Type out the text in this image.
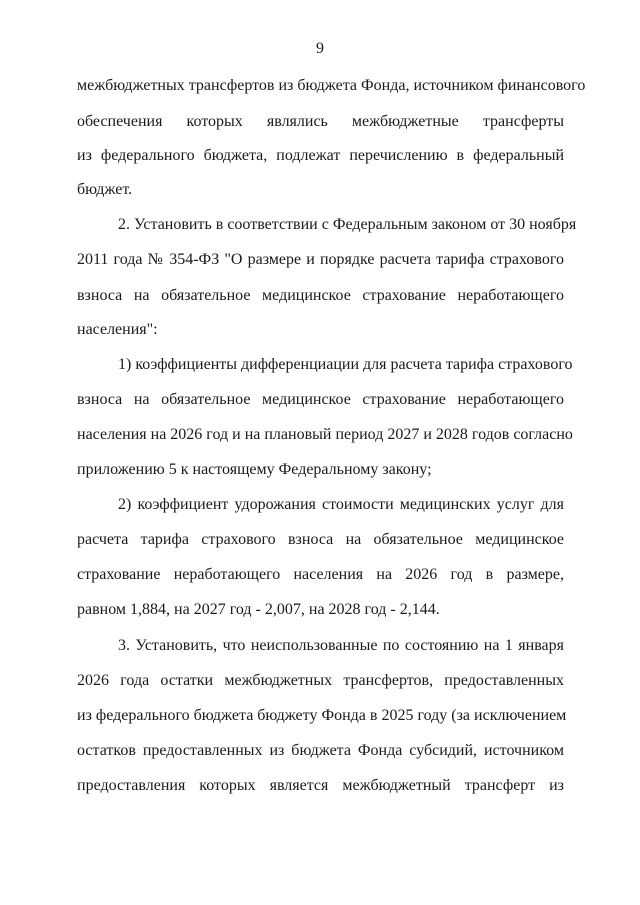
9
межбюджетных трансфертов из бюджета Фонда, источником финансового
обеспечения которых являлись межбюджетные трансферты
из федерального бюджета, подлежат перечислению в федеральный
бюджет.
2. Установить в соответствии с Федеральным законом от 30 ноября
2011 года № 354-ФЗ "О размере и порядке расчета тарифа страхового
взноса на обязательное медицинское страхование неработающего
населения":
1) коэффициенты дифференциации для расчета тарифа страхового
взноса на обязательное медицинское страхование неработающего
населения на 2026 год и на плановый период 2027 и 2028 годов согласно
приложению 5 к настоящему Федеральному закону;
2) коэффициент удорожания стоимости медицинских услуг для
расчета тарифа страхового взноса на обязательное медицинское
страхование неработающего населения на 2026 год в размере,
равном 1,884, на 2027 год - 2,007, на 2028 год - 2,144.
3. Установить, что неиспользованные по состоянию на 1 января
2026 года остатки межбюджетных трансфертов, предоставленных
из федерального бюджета бюджету Фонда в 2025 году (за исключением
остатков предоставленных из бюджета Фонда субсидий, источником
предоставления которых является межбюджетный трансферт из
